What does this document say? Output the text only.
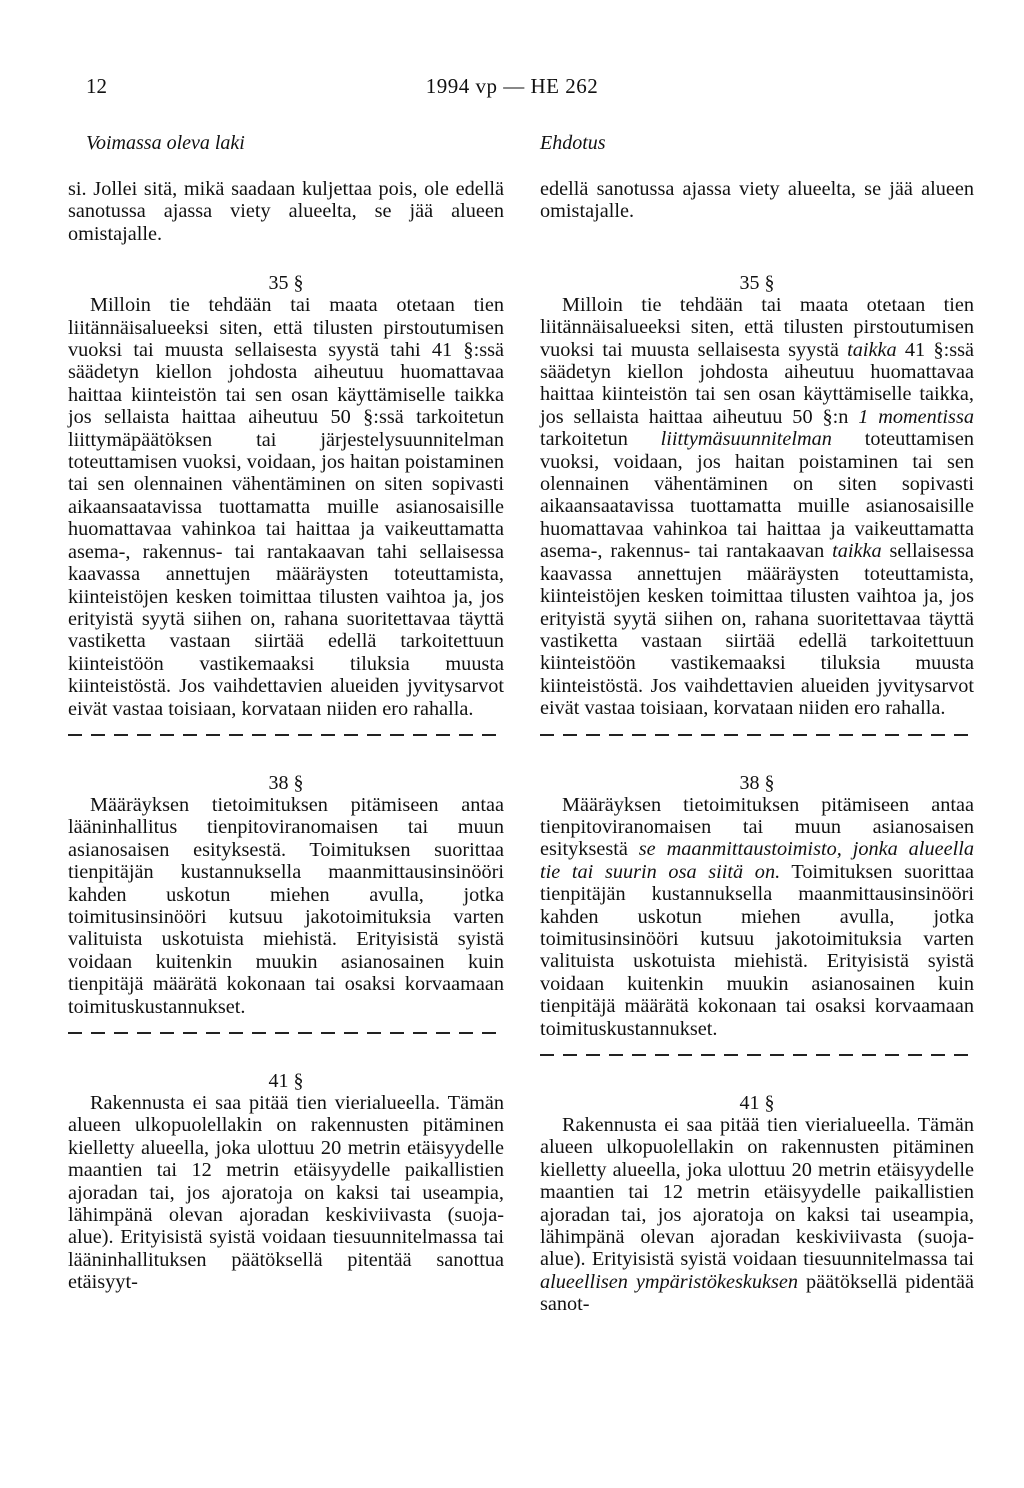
12	1994 vp — HE 262
Voimassa oleva laki

si. Jollei sitä, mikä saadaan kuljettaa pois, ole edellä sanotussa ajassa viety alueelta, se jää alueen omistajalle.

35 §

Milloin tie tehdään tai maata otetaan tien liitännäisalueeksi siten, että tilusten pirstoutumisen vuoksi tai muusta sellaisesta syystä tahi 41 §:ssä säädetyn kiellon johdosta aiheutuu huomattavaa haittaa kiinteistön tai sen osan käyttämiselle taikka jos sellaista haittaa aiheutuu 50 §:ssä tarkoitetun liittymäpäätöksen tai järjestelysuunnitelman toteuttamisen vuoksi, voidaan, jos haitan poistaminen tai sen olennainen vähentäminen on siten sopivasti aikaansaatavissa tuottamatta muille asianosaisille huomattavaa vahinkoa tai haittaa ja vaikeuttamatta asema-, rakennus- tai rantakaavan tahi sellaisessa kaavassa annettujen määräysten toteuttamista, kiinteistöjen kesken toimittaa tilusten vaihtoa ja, jos erityistä syytä siihen on, rahana suoritettavaa täyttä vastiketta vastaan siirtää edellä tarkoitettuun kiinteistöön vastikemaaksi tiluksia muusta kiinteistöstä. Jos vaihdettavien alueiden jyvitysarvot eivät vastaa toisiaan, korvataan niiden ero rahalla.

38 §

Määräyksen tietoimituksen pitämiseen antaa lääninhallitus tienpitoviranomaisen tai muun asianosaisen esityksestä. Toimituksen suorittaa tienpitäjän kustannuksella maanmittausinsinööri kahden uskotun miehen avulla, jotka toimitusinsinööri kutsuu jakotoimituksia varten valituista uskotuista miehistä. Erityisistä syistä voidaan kuitenkin muukin asianosainen kuin tienpitäjä määrätä kokonaan tai osaksi korvaamaan toimituskustannukset.

41 §

Rakennusta ei saa pitää tien vierialueella. Tämän alueen ulkopuolellakin on rakennusten pitäminen kielletty alueella, joka ulottuu 20 metrin etäisyydelle maantien tai 12 metrin etäisyydelle paikallistien ajoradan tai, jos ajoratoja on kaksi tai useampia, lähimpänä olevan ajoradan keskiviivasta (suoja-alue). Erityisistä syistä voidaan tiesuunnitelmassa tai lääninhallituksen päätöksellä pitentää sanottua etäisyyt-

Ehdotus

edellä sanotussa ajassa viety alueelta, se jää alueen omistajalle.

35 §

Milloin tie tehdään tai maata otetaan tien liitännäisalueeksi siten, että tilusten pirstoutumisen vuoksi tai muusta sellaisesta syystä taikka 41 §:ssä säädetyn kiellon johdosta aiheutuu huomattavaa haittaa kiinteistön tai sen osan käyttämiselle taikka, jos sellaista haittaa aiheutuu 50 §:n 1 momentissa tarkoitetun liittymäsuunnitelman toteuttamisen vuoksi, voidaan, jos haitan poistaminen tai sen olennainen vähentäminen on siten sopivasti aikaansaatavissa tuottamatta muille asianosaisille huomattavaa vahinkoa tai haittaa ja vaikeuttamatta asema-, rakennus- tai rantakaavan taikka sellaisessa kaavassa annettujen määräysten toteuttamista, kiinteistöjen kesken toimittaa tilusten vaihtoa ja, jos erityistä syytä siihen on, rahana suoritettavaa täyttä vastiketta vastaan siirtää edellä tarkoitettuun kiinteistöön vastikemaaksi tiluksia muusta kiinteistöstä. Jos vaihdettavien alueiden jyvitysarvot eivät vastaa toisiaan, korvataan niiden ero rahalla.

38 §

Määräyksen tietoimituksen pitämiseen antaa tienpitoviranomaisen tai muun asianosaisen esityksestä se maanmittaustoimisto, jonka alueella tie tai suurin osa siitä on. Toimituksen suorittaa tienpitäjän kustannuksella maanmittausinsinööri kahden uskotun miehen avulla, jotka toimitusinsinööri kutsuu jakotoimituksia varten valituista uskotuista miehistä. Erityisistä syistä voidaan kuitenkin muukin asianosainen kuin tienpitäjä määrätä kokonaan tai osaksi korvaamaan toimituskustannukset.

41 §

Rakennusta ei saa pitää tien vierialueella. Tämän alueen ulkopuolellakin on rakennusten pitäminen kielletty alueella, joka ulottuu 20 metrin etäisyydelle maantien tai 12 metrin etäisyydelle paikallistien ajoradan tai, jos ajoratoja on kaksi tai useampia, lähimpänä olevan ajoradan keskiviivasta (suoja-alue). Erityisistä syistä voidaan tiesuunnitelmassa tai alueellisen ympäristökeskuksen päätöksellä pidentää sanot-
